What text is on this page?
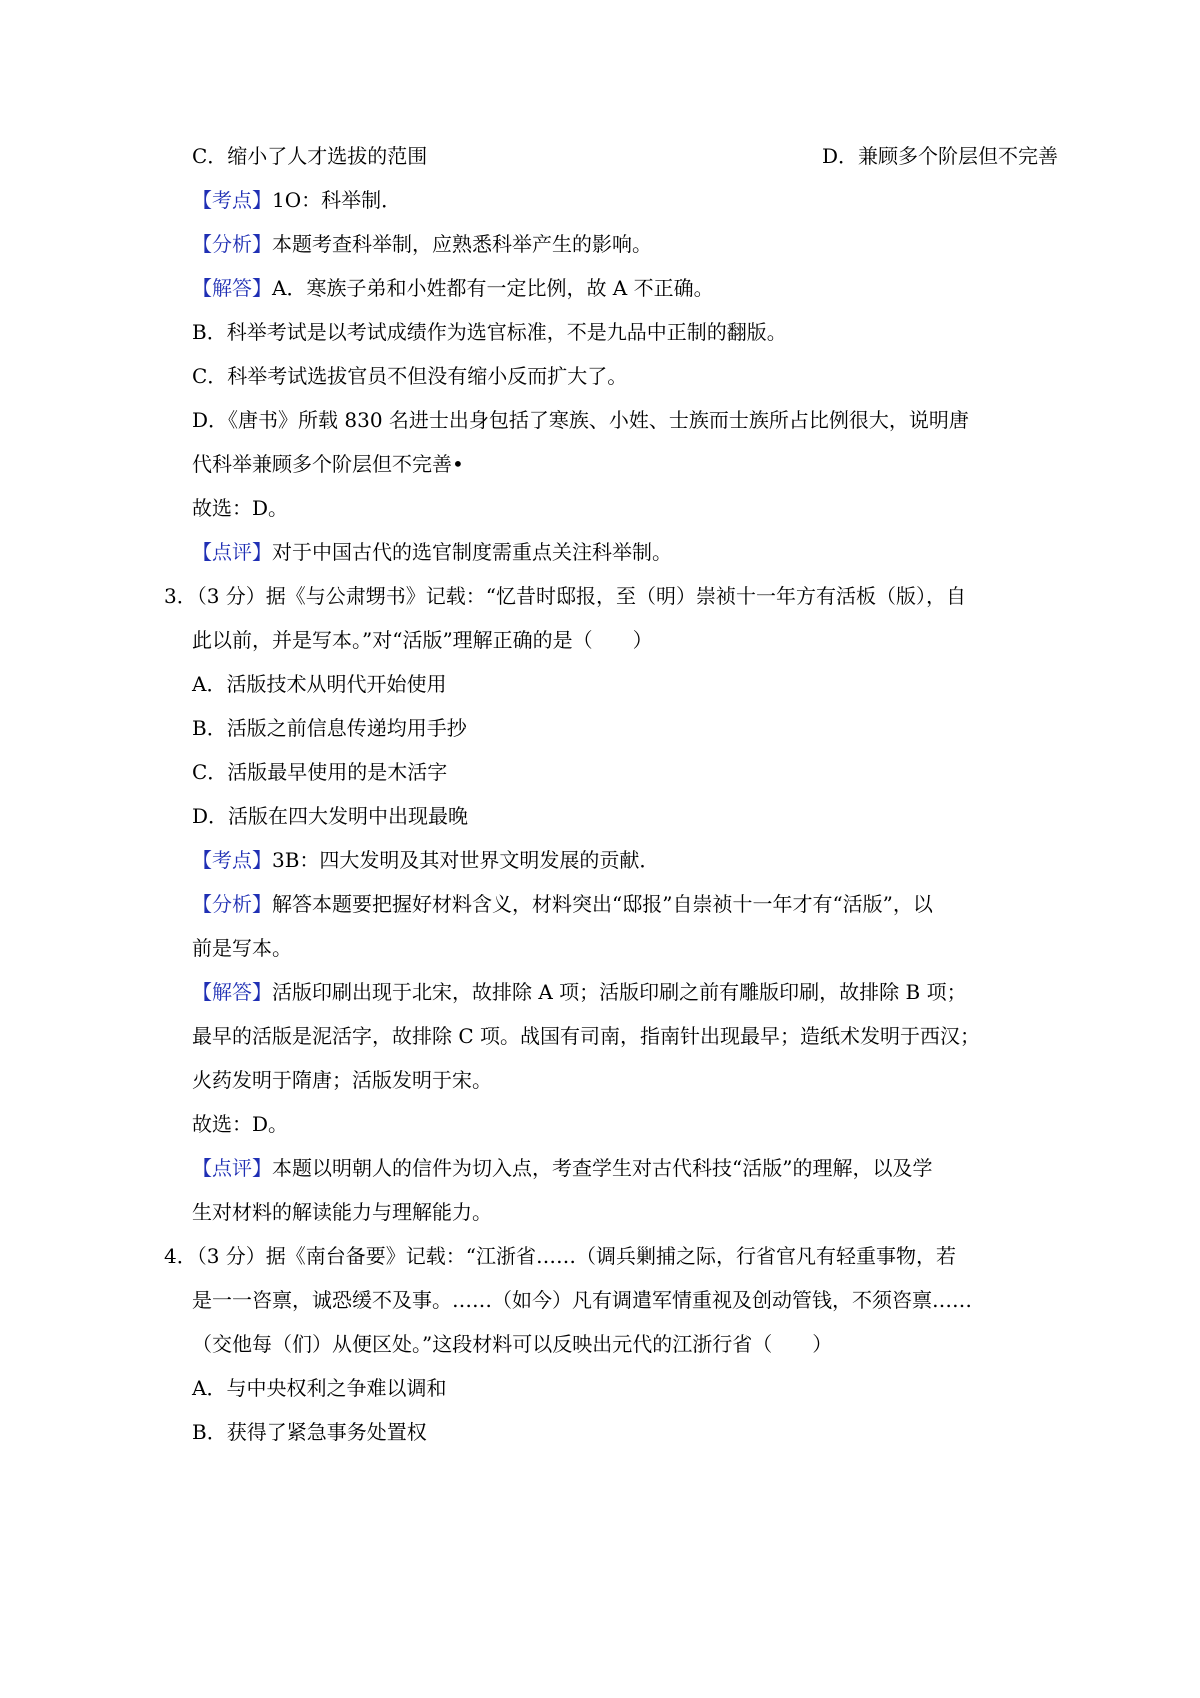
C．缩小了人才选拔的范围	D．兼顾多个阶层但不完善
【考点】1O：科举制．
【分析】本题考查科举制，应熟悉科举产生的影响。
【解答】A．寒族子弟和小姓都有一定比例，故 A 不正确。
B．科举考试是以考试成绩作为选官标准，不是九品中正制的翻版。
C．科举考试选拔官员不但没有缩小反而扩大了。
D．《唐书》所载 830 名进士出身包括了寒族、小姓、士族而士族所占比例很大，说明唐
代科举兼顾多个阶层但不完善•
故选：D。
【点评】对于中国古代的选官制度需重点关注科举制。
3．（3 分）据《与公肃甥书》记载：“忆昔时邸报，至（明）崇祯十一年方有活板（版），自
此以前，并是写本。”对“活版”理解正确的是（　　）
A．活版技术从明代开始使用
B．活版之前信息传递均用手抄
C．活版最早使用的是木活字
D．活版在四大发明中出现最晚
【考点】3B：四大发明及其对世界文明发展的贡献．
【分析】解答本题要把握好材料含义，材料突出“邸报”自崇祯十一年才有“活版”，以
前是写本。
【解答】活版印刷出现于北宋，故排除 A 项；活版印刷之前有雕版印刷，故排除 B 项；
最早的活版是泥活字，故排除 C 项。战国有司南，指南针出现最早；造纸术发明于西汉；
火药发明于隋唐；活版发明于宋。
故选：D。
【点评】本题以明朝人的信件为切入点，考查学生对古代科技“活版”的理解，以及学
生对材料的解读能力与理解能力。
4．（3 分）据《南台备要》记载：“江浙省……（调兵剿捕之际，行省官凡有轻重事物，若
是一一咨禀，诚恐缓不及事。……（如今）凡有调遣军情重视及创动管钱，不须咨禀……
（交他每（们）从便区处。”这段材料可以反映出元代的江浙行省（　　）
A．与中央权利之争难以调和
B．获得了紧急事务处置权
